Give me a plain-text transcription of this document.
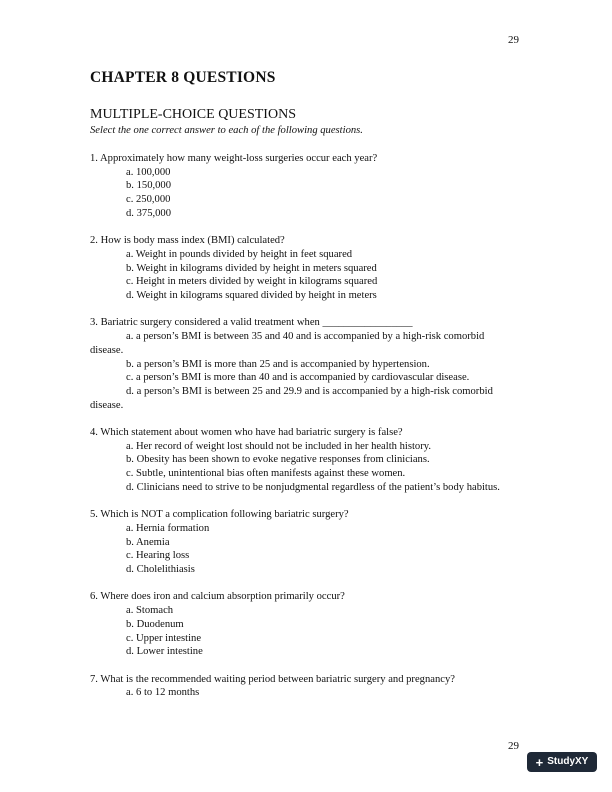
29
CHAPTER 8 QUESTIONS
MULTIPLE-CHOICE QUESTIONS
Select the one correct answer to each of the following questions.
1. Approximately how many weight-loss surgeries occur each year?
a. 100,000
b. 150,000
c. 250,000
d. 375,000
2. How is body mass index (BMI) calculated?
a. Weight in pounds divided by height in feet squared
b. Weight in kilograms divided by height in meters squared
c. Height in meters divided by weight in kilograms squared
d. Weight in kilograms squared divided by height in meters
3. Bariatric surgery considered a valid treatment when _________________
a. a person’s BMI is between 35 and 40 and is accompanied by a high-risk comorbid disease.
b. a person’s BMI is more than 25 and is accompanied by hypertension.
c. a person’s BMI is more than 40 and is accompanied by cardiovascular disease.
d. a person’s BMI is between 25 and 29.9 and is accompanied by a high-risk comorbid disease.
4. Which statement about women who have had bariatric surgery is false?
a. Her record of weight lost should not be included in her health history.
b. Obesity has been shown to evoke negative responses from clinicians.
c. Subtle, unintentional bias often manifests against these women.
d. Clinicians need to strive to be nonjudgmental regardless of the patient’s body habitus.
5. Which is NOT a complication following bariatric surgery?
a. Hernia formation
b. Anemia
c. Hearing loss
d. Cholelithiasis
6. Where does iron and calcium absorption primarily occur?
a. Stomach
b. Duodenum
c. Upper intestine
d. Lower intestine
7. What is the recommended waiting period between bariatric surgery and pregnancy?
a. 6 to 12 months
29
+ StudyXY
